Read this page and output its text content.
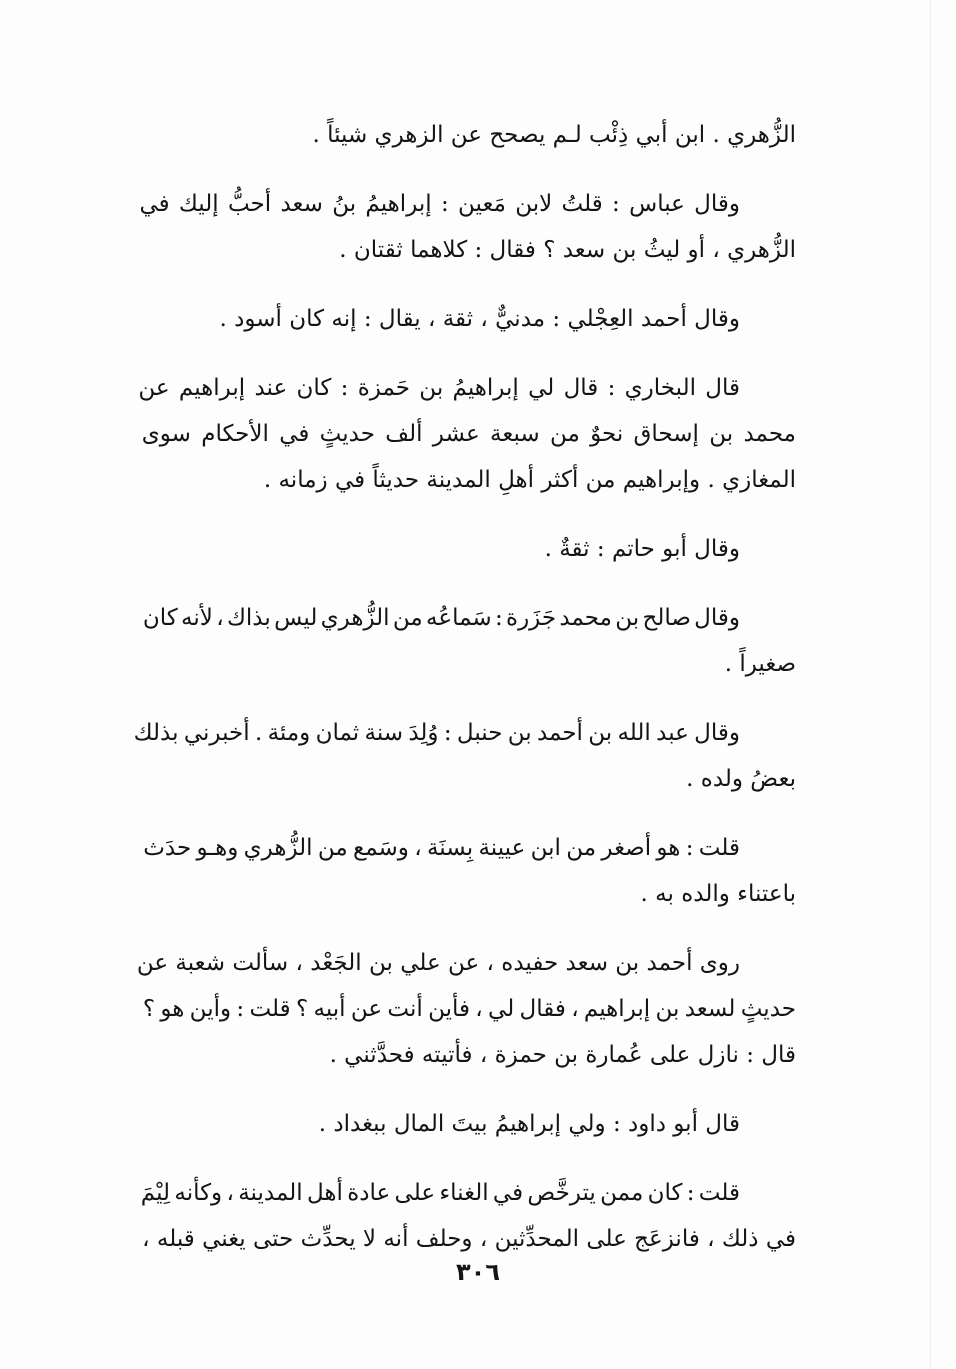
الزُّهري . ابن أبي ذِئْب لـم يصحح عن الزهري شيئاً .
وقال عباس : قلتُ لابن مَعين : إبراهيمُ بنُ سعد أحبُّ إليك في
الزُّهري ، أو ليثُ بن سعد ؟ فقال : كلاهما ثقتان .
وقال أحمد العِجْلي : مدنيٌّ ، ثقة ، يقال : إنه كان أسود .
قال البخاري : قال لي إبراهيمُ بن حَمزة : كان عند إبراهيم عن
محمد بن إسحاق نحوٌ من سبعة عشر ألف حديثٍ في الأحكام سوى
المغازي . وإبراهيم من أكثر أهلِ المدينة حديثاً في زمانه .
وقال أبو حاتم : ثقةٌ .
وقال صالح بن محمد جَزَرة : سَماعُه من الزُّهري ليس بذاك ، لأنه كان
صغيراً .
وقال عبد الله بن أحمد بن حنبل : وُلِدَ سنة ثمان ومئة . أخبرني بذلك
بعضُ ولده .
قلت : هو أصغر من ابن عيينة بِسنَة ، وسَمع من الزُّهري وهـو حدَث
باعتناء والده به .
روى أحمد بن سعد حفيده ، عن علي بن الجَعْد ، سألت شعبة عن
حديثٍ لسعد بن إبراهيم ، فقال لي ، فأين أنت عن أبيه ؟ قلت : وأين هو ؟
قال : نازل على عُمارة بن حمزة ، فأتيته فحدَّثني .
قال أبو داود : ولي إبراهيمُ بيتَ المال ببغداد .
قلت : كان ممن يترخَّص في الغناء على عادة أهل المدينة ، وكأنه لِيْمَ
في ذلك ، فانزعَج على المحدِّثين ، وحلف أنه لا يحدِّث حتى يغني قبله ،
٣٠٦
